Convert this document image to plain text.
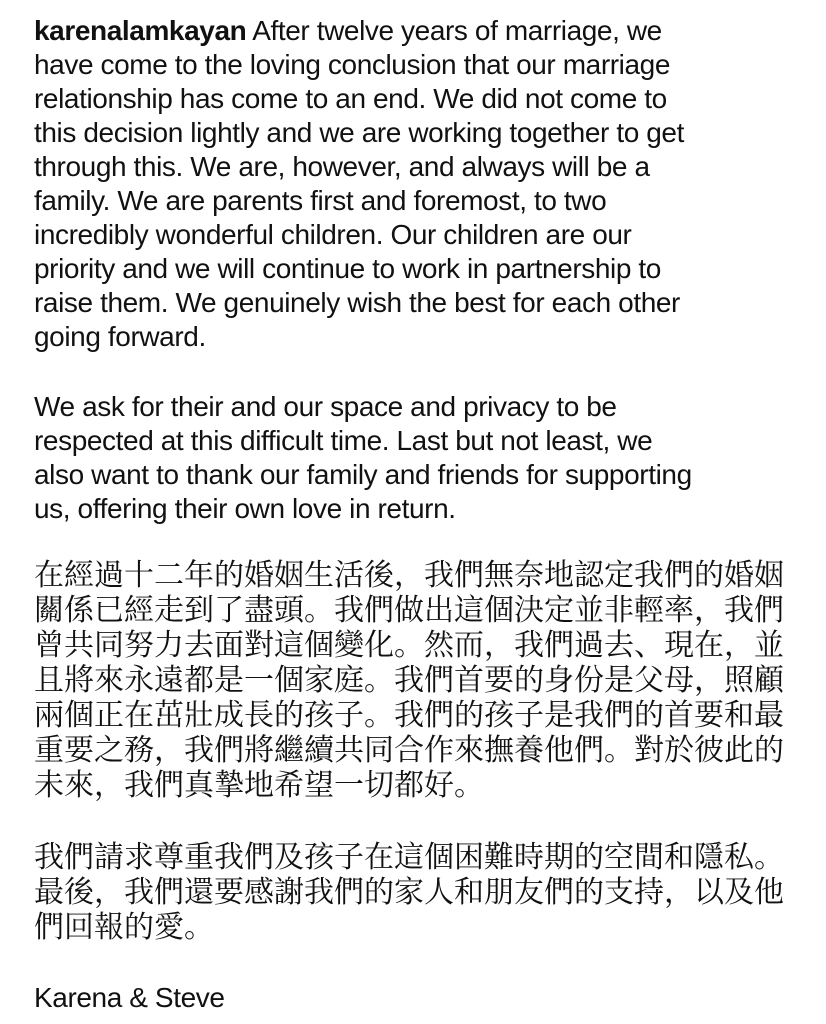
karenalamkayan After twelve years of marriage, we
have come to the loving conclusion that our marriage
relationship has come to an end. We did not come to
this decision lightly and we are working together to get
through this. We are, however, and always will be a
family. We are parents first and foremost, to two
incredibly wonderful children. Our children are our
priority and we will continue to work in partnership to
raise them. We genuinely wish the best for each other
going forward.
We ask for their and our space and privacy to be
respected at this difficult time. Last but not least, we
also want to thank our family and friends for supporting
us, offering their own love in return.
在經過十二年的婚姻生活後，我們無奈地認定我們的婚姻
關係已經走到了盡頭。我們做出這個決定並非輕率，我們
曾共同努力去面對這個變化。然而，我們過去、現在，並
且將來永遠都是一個家庭。我們首要的身份是父母，照顧
兩個正在茁壯成長的孩子。我們的孩子是我們的首要和最
重要之務，我們將繼續共同合作來撫養他們。對於彼此的
未來，我們真摯地希望一切都好。
我們請求尊重我們及孩子在這個困難時期的空間和隱私。
最後，我們還要感謝我們的家人和朋友們的支持，以及他
們回報的愛。
Karena & Steve
